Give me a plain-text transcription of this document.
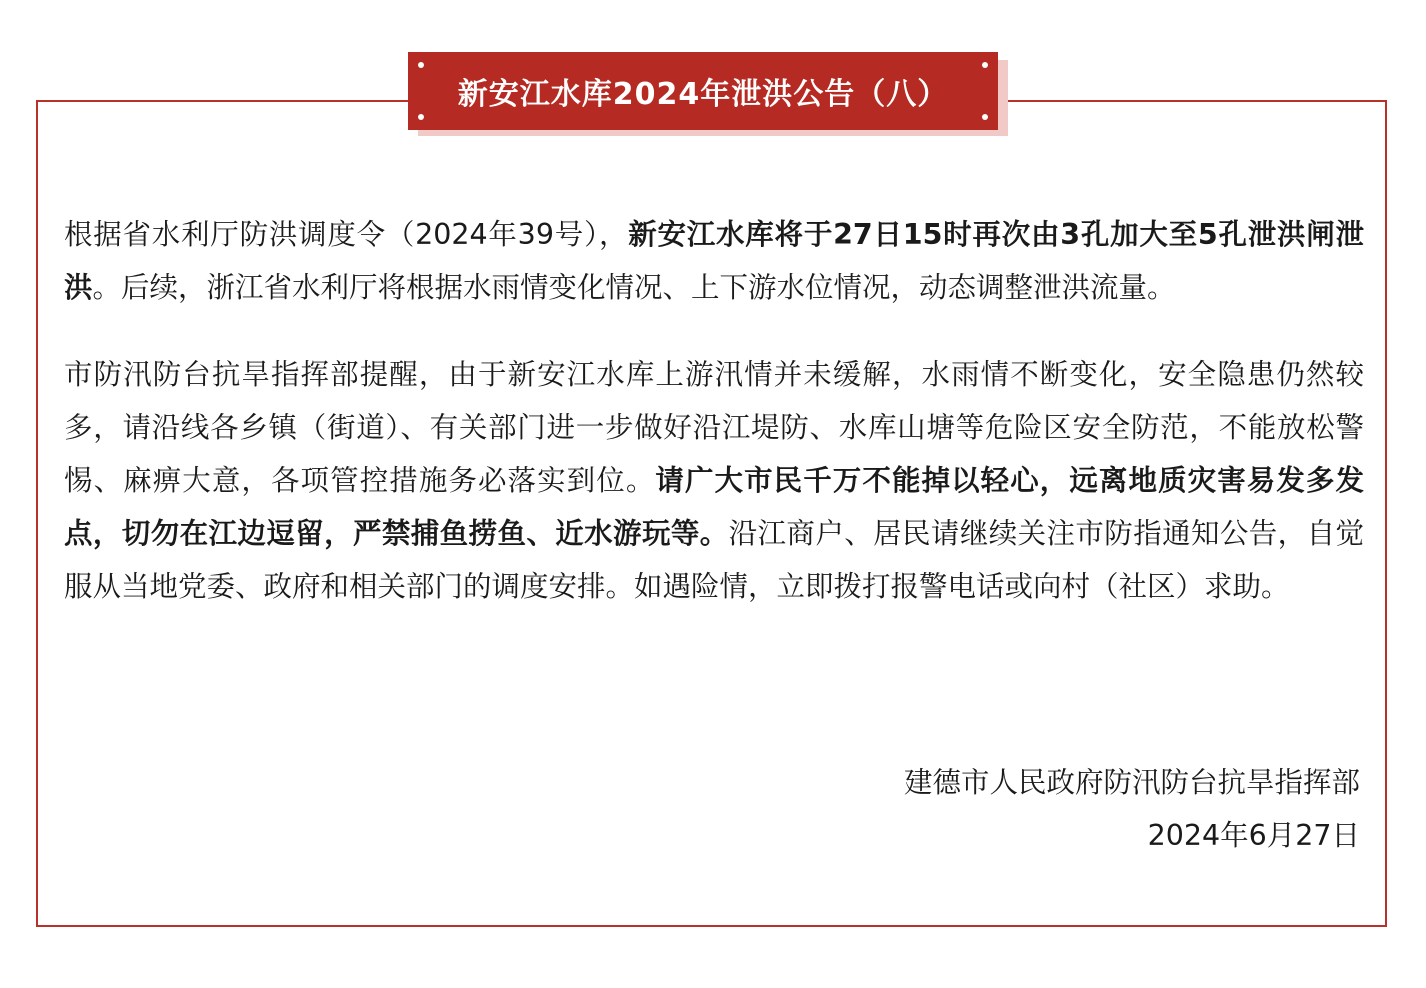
新安江水库2024年泄洪公告（八）

根据省水利厅防洪调度令（2024年39号），新安江水库将于27日15时再次由3孔加大至5孔泄洪闸泄洪。后续，浙江省水利厅将根据水雨情变化情况、上下游水位情况，动态调整泄洪流量。

市防汛防台抗旱指挥部提醒，由于新安江水库上游汛情并未缓解，水雨情不断变化，安全隐患仍然较多，请沿线各乡镇（街道）、有关部门进一步做好沿江堤防、水库山塘等危险区安全防范，不能放松警惕、麻痹大意，各项管控措施务必落实到位。请广大市民千万不能掉以轻心，远离地质灾害易发多发点，切勿在江边逗留，严禁捕鱼捞鱼、近水游玩等。沿江商户、居民请继续关注市防指通知公告，自觉服从当地党委、政府和相关部门的调度安排。如遇险情，立即拨打报警电话或向村（社区）求助。

建德市人民政府防汛防台抗旱指挥部
2024年6月27日
